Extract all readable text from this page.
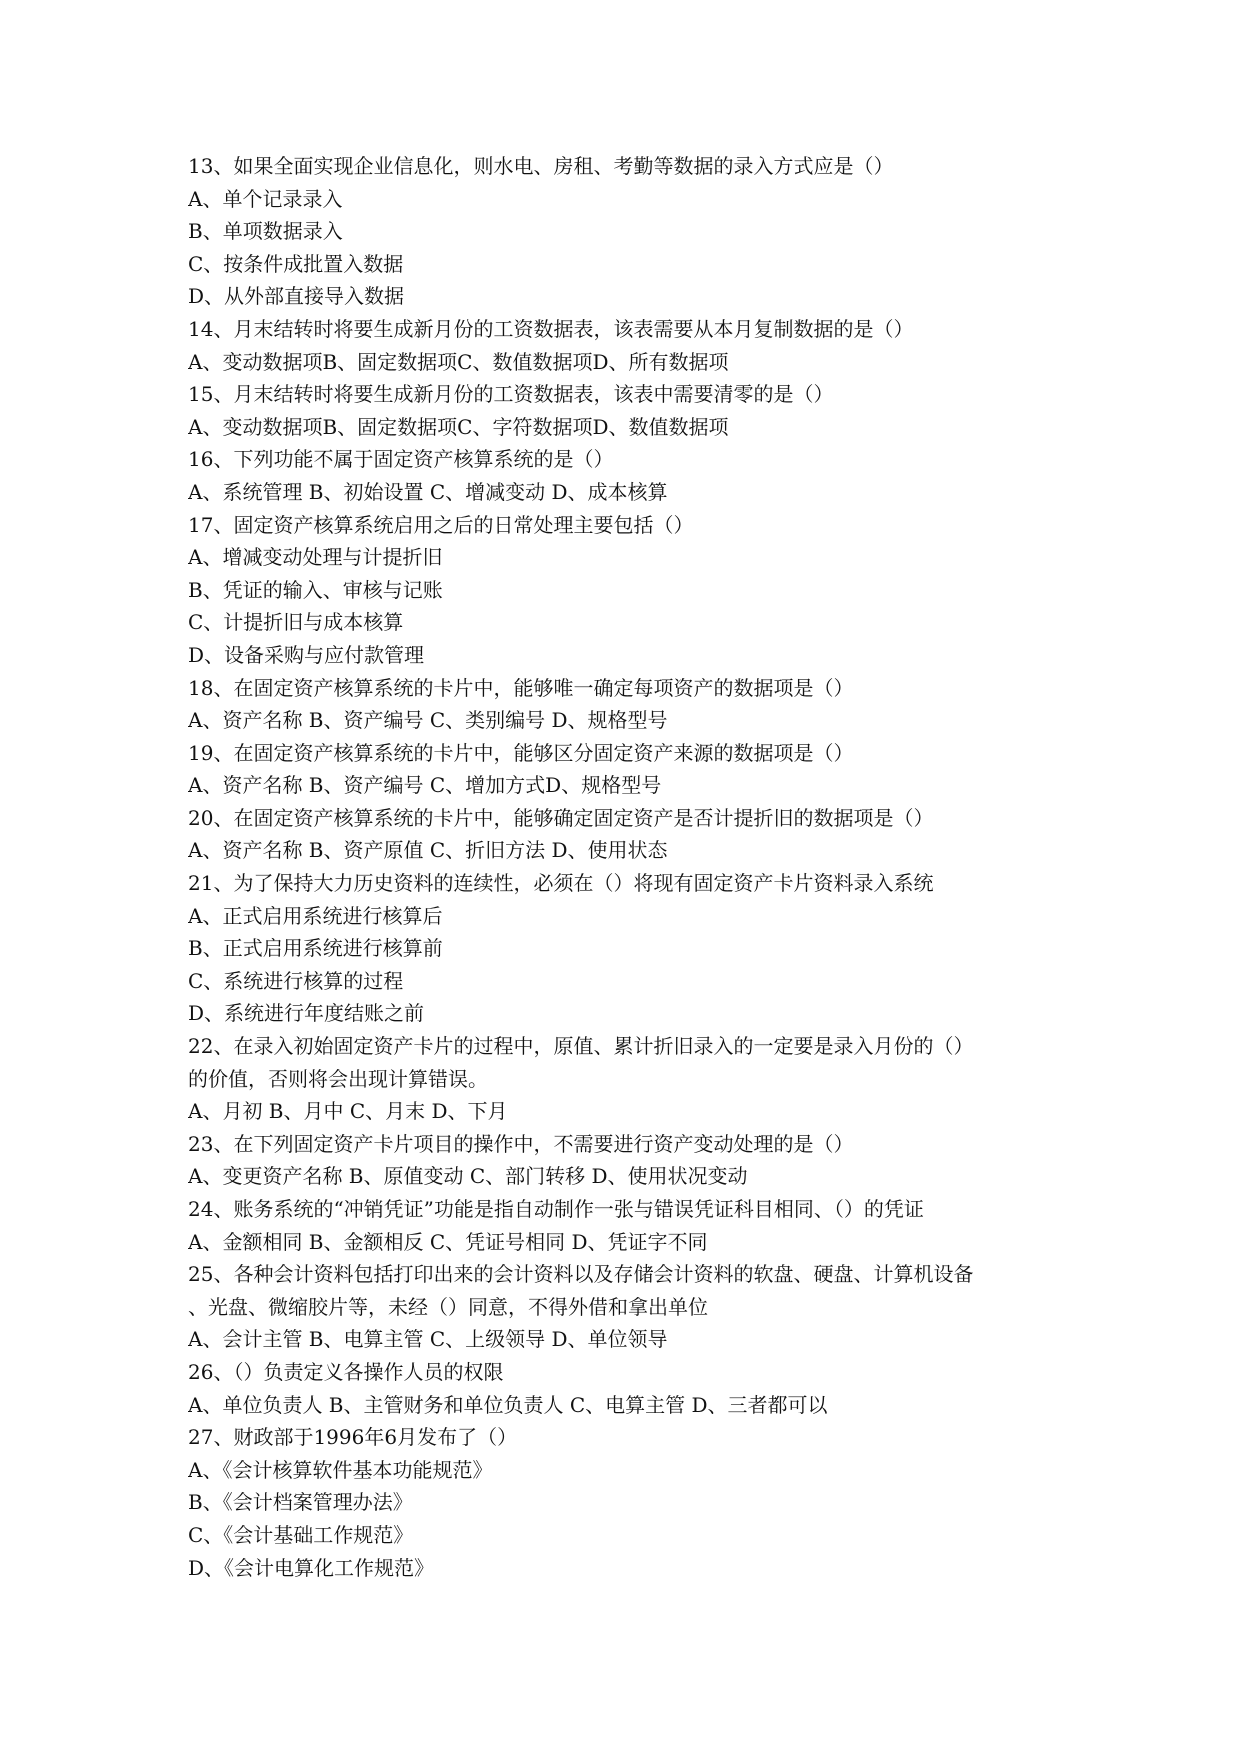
13、如果全面实现企业信息化，则水电、房租、考勤等数据的录入方式应是（）
A、单个记录录入
B、单项数据录入
C、按条件成批置入数据
D、从外部直接导入数据
14、月末结转时将要生成新月份的工资数据表，该表需要从本月复制数据的是（）
A、变动数据项B、固定数据项C、数值数据项D、所有数据项
15、月末结转时将要生成新月份的工资数据表，该表中需要清零的是（）
A、变动数据项B、固定数据项C、字符数据项D、数值数据项
16、下列功能不属于固定资产核算系统的是（）
A、系统管理 B、初始设置 C、增减变动 D、成本核算
17、固定资产核算系统启用之后的日常处理主要包括（）
A、增减变动处理与计提折旧
B、凭证的输入、审核与记账
C、计提折旧与成本核算
D、设备采购与应付款管理
18、在固定资产核算系统的卡片中，能够唯一确定每项资产的数据项是（）
A、资产名称 B、资产编号 C、类别编号 D、规格型号
19、在固定资产核算系统的卡片中，能够区分固定资产来源的数据项是（）
A、资产名称 B、资产编号 C、增加方式D、规格型号
20、在固定资产核算系统的卡片中，能够确定固定资产是否计提折旧的数据项是（）
A、资产名称 B、资产原值 C、折旧方法 D、使用状态
21、为了保持大力历史资料的连续性，必须在（）将现有固定资产卡片资料录入系统
A、正式启用系统进行核算后
B、正式启用系统进行核算前
C、系统进行核算的过程
D、系统进行年度结账之前
22、在录入初始固定资产卡片的过程中，原值、累计折旧录入的一定要是录入月份的（）
的价值，否则将会出现计算错误。
A、月初 B、月中 C、月末 D、下月
23、在下列固定资产卡片项目的操作中，不需要进行资产变动处理的是（）
A、变更资产名称 B、原值变动 C、部门转移 D、使用状况变动
24、账务系统的“冲销凭证”功能是指自动制作一张与错误凭证科目相同、（）的凭证
A、金额相同 B、金额相反 C、凭证号相同 D、凭证字不同
25、各种会计资料包括打印出来的会计资料以及存储会计资料的软盘、硬盘、计算机设备
、光盘、微缩胶片等，未经（）同意，不得外借和拿出单位
A、会计主管 B、电算主管 C、上级领导 D、单位领导
26、（）负责定义各操作人员的权限
A、单位负责人 B、主管财务和单位负责人 C、电算主管 D、三者都可以
27、财政部于1996年6月发布了（）
A、《会计核算软件基本功能规范》
B、《会计档案管理办法》
C、《会计基础工作规范》
D、《会计电算化工作规范》
